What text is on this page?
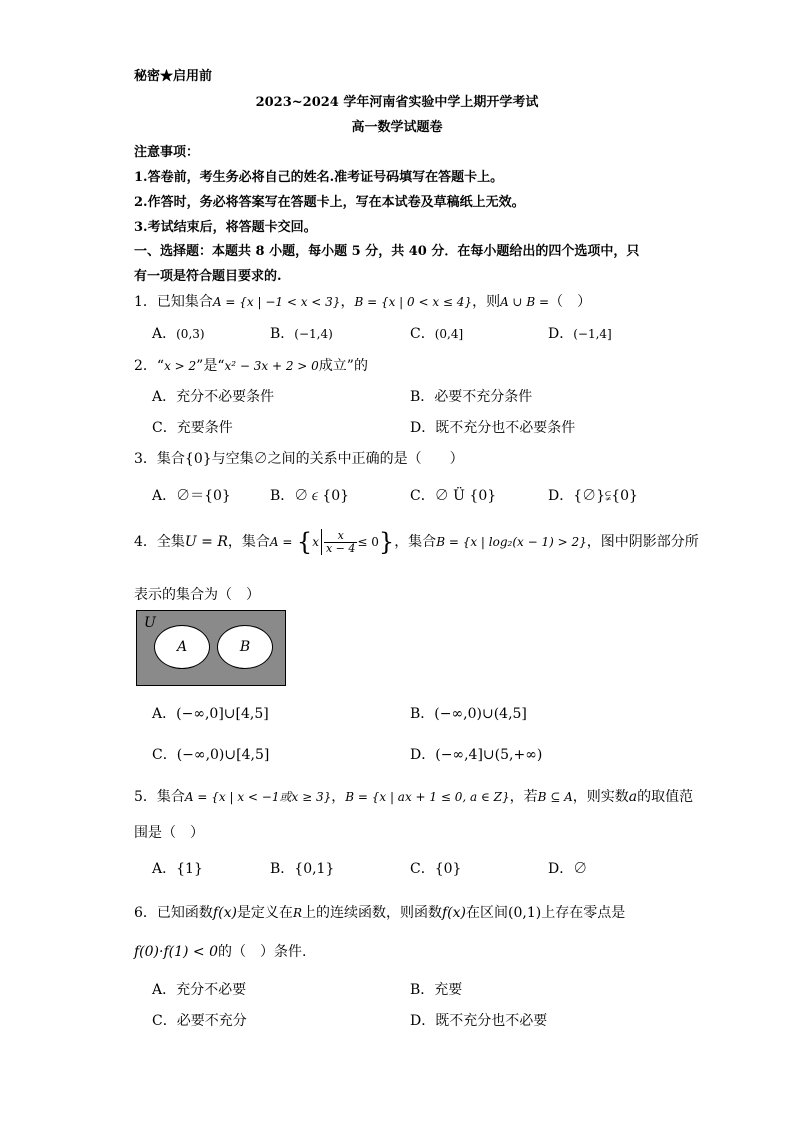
秘密★启用前
2023~2024 学年河南省实验中学上期开学考试
高一数学试题卷
注意事项：
1.答卷前，考生务必将自己的姓名.准考证号码填写在答题卡上。
2.作答时，务必将答案写在答题卡上，写在本试卷及草稿纸上无效。
3.考试结束后，将答题卡交回。
一、选择题：本题共 8 小题，每小题 5 分，共 40 分．在每小题给出的四个选项中，只
有一项是符合题目要求的.
1．已知集合A = {x | −1 < x < 3}，B = {x | 0 < x ≤ 4}，则A ∪ B =（　）
A．(0,3)	B．(−1,4)	C．(0,4]	D．(−1,4]
2．“x > 2”是“x² − 3x + 2 > 0成立”的
A．充分不必要条件	B．必要不充分条件
C．充要条件	D．既不充分也不必要条件
3．集合{0}与空集∅之间的关系中正确的是（　　）
A．∅＝{0}	B．∅∊{0}	C．∅ Ü {0}	D．{∅}⫋{0}
4．全集U = R，集合$A = \{x \frac{x}{x - 4} \le 0\}$，集合B = {x | log₂(x − 1) > 2}，图中阴影部分所
表示的集合为（　）
U
A	B
A．(−∞,0]∪[4,5]	B．(−∞,0)∪(4,5]
C．(−∞,0)∪[4,5]	D．(−∞,4]∪(5,+∞)
5．集合A = {x | x < −1或x ≥ 3}，B = {x | ax + 1 ≤ 0, a ∈ Z}，若B ⊆ A，则实数a的取值范
围是（　）
A．{1}	B．{0,1}	C．{0}	D．∅
6．已知函数f(x)是定义在R上的连续函数，则函数f(x)在区间(0,1)上存在零点是
f(0)·f(1) < 0的（　）条件.
A．充分不必要	B．充要
C．必要不充分	D．既不充分也不必要
